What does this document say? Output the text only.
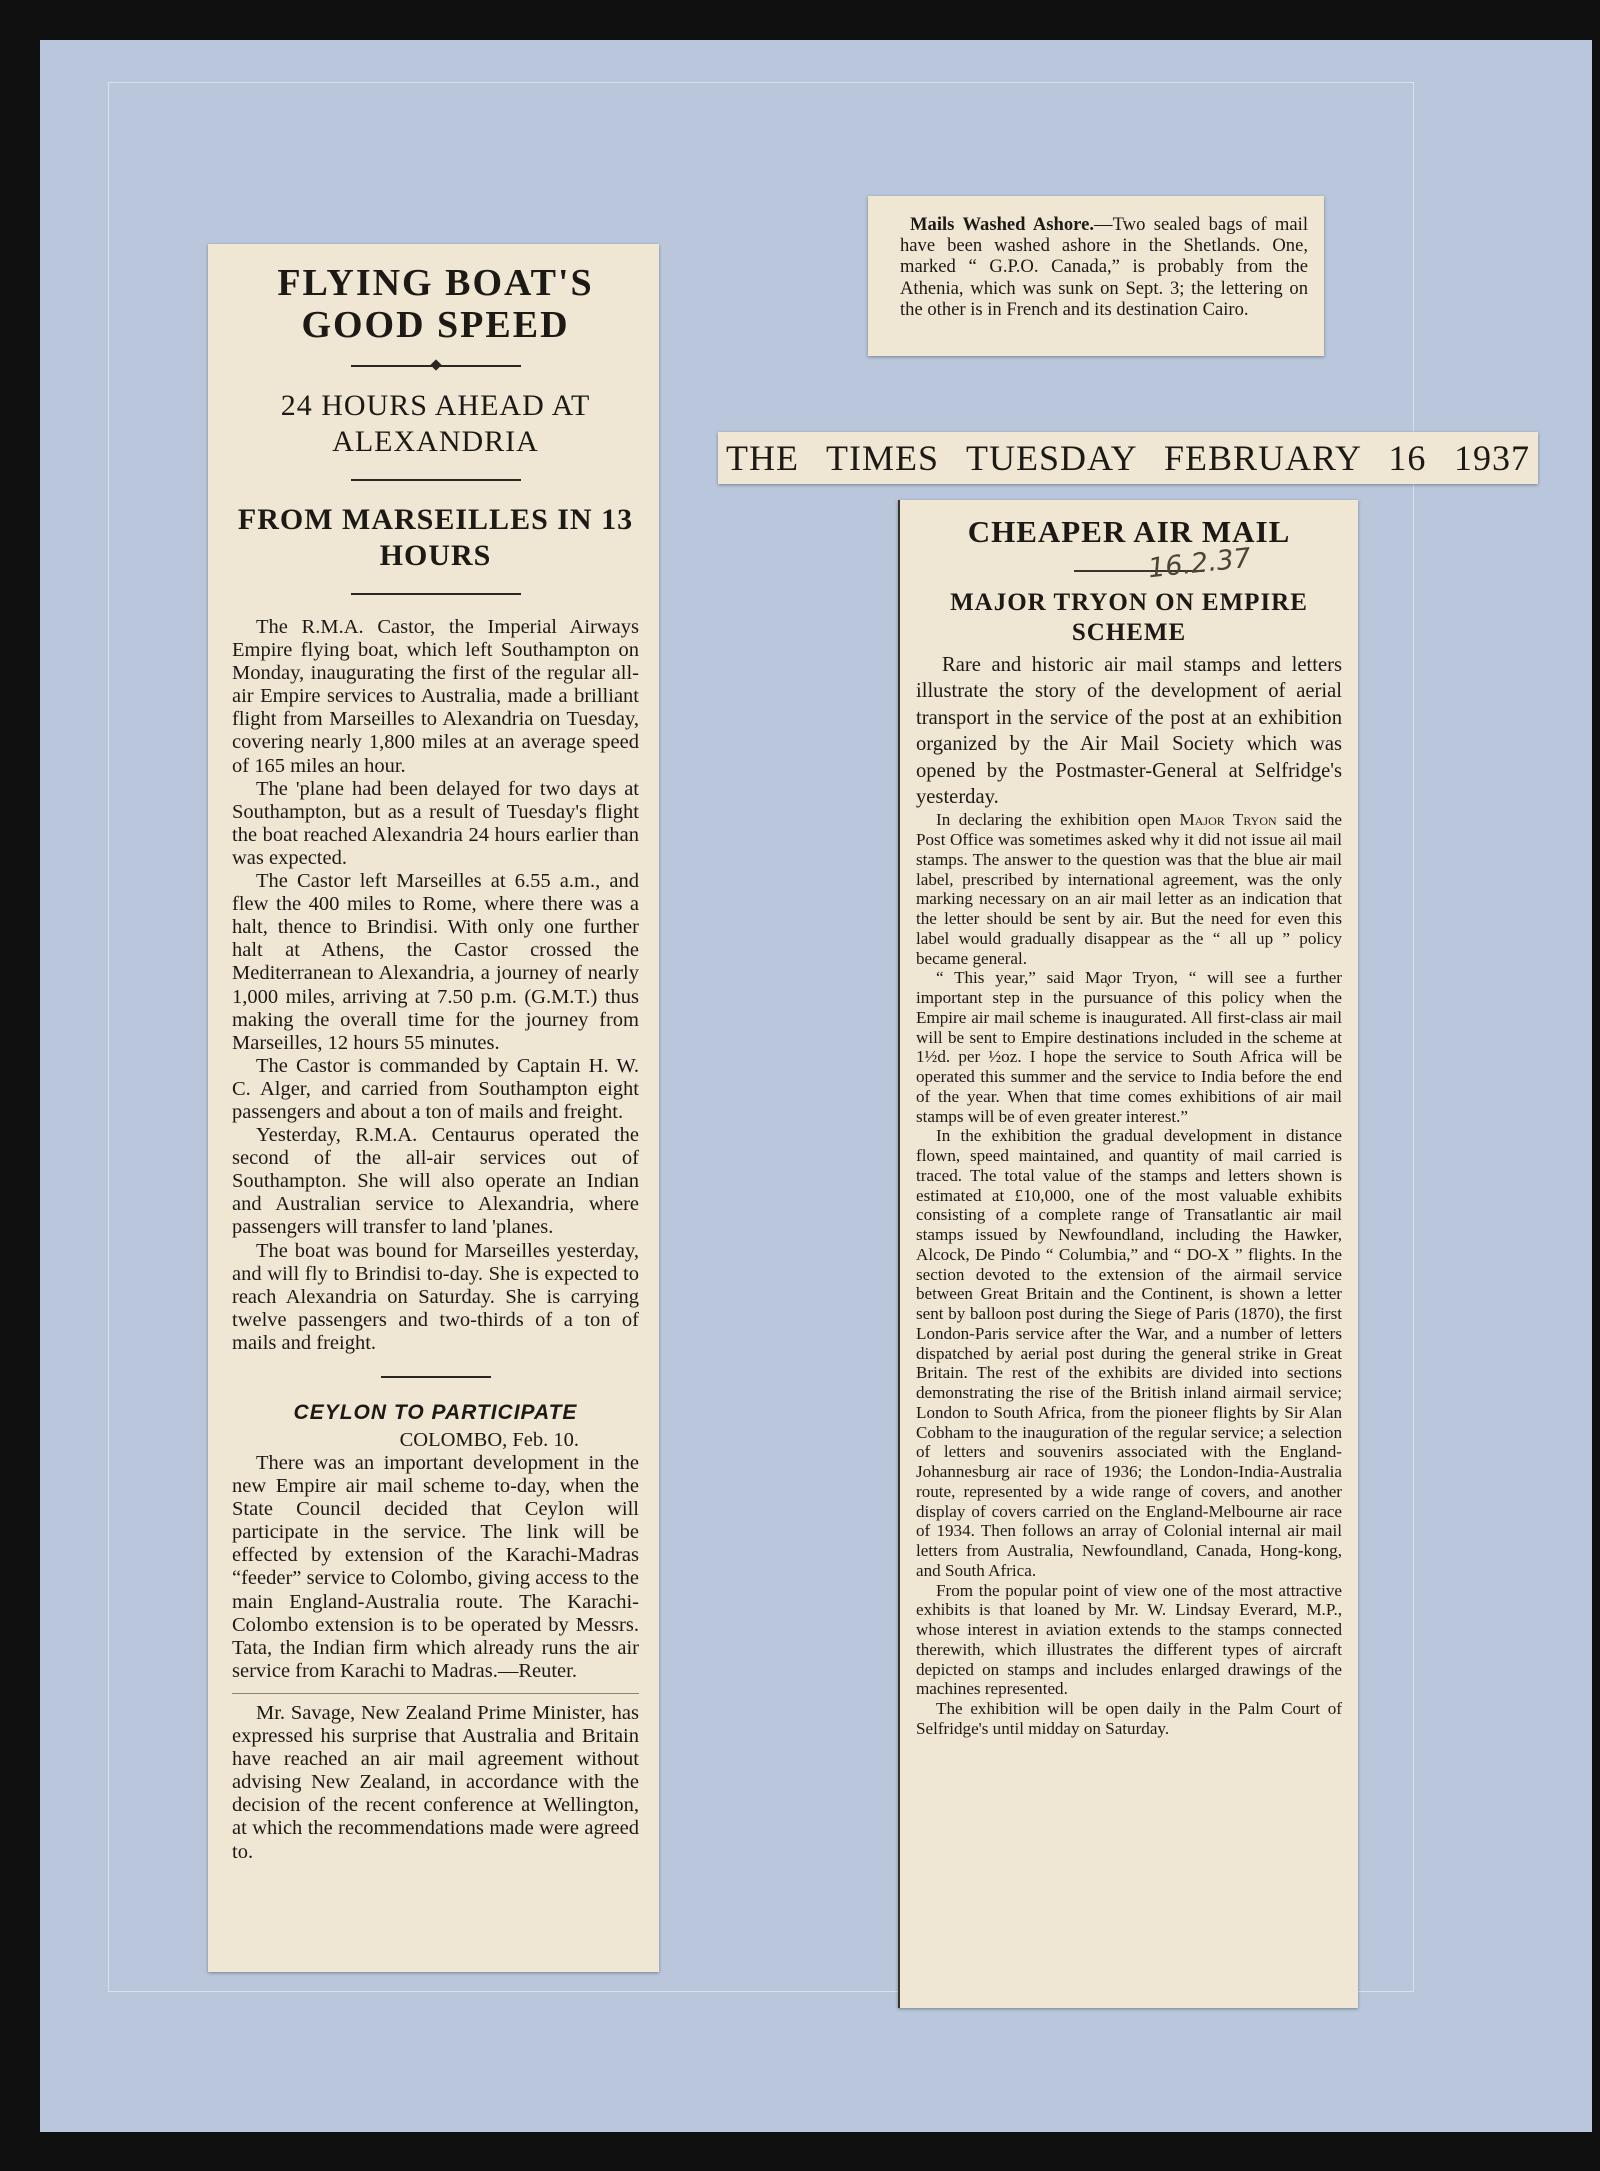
FLYING BOAT'S GOOD SPEED
24 HOURS AHEAD AT ALEXANDRIA
FROM MARSEILLES IN 13 HOURS

The R.M.A. Castor, the Imperial Airways Empire flying boat, which left Southampton on Monday, inaugurating the first of the regular all-air Empire services to Australia, made a brilliant flight from Marseilles to Alexandria on Tuesday, covering nearly 1,800 miles at an average speed of 165 miles an hour.

The 'plane had been delayed for two days at Southampton, but as a result of Tuesday's flight the boat reached Alexandria 24 hours earlier than was expected.

The Castor left Marseilles at 6.55 a.m., and flew the 400 miles to Rome, where there was a halt, thence to Brindisi. With only one further halt at Athens, the Castor crossed the Mediterranean to Alexandria, a journey of nearly 1,000 miles, arriving at 7.50 p.m. (G.M.T.) thus making the overall time for the journey from Marseilles, 12 hours 55 minutes.

The Castor is commanded by Captain H. W. C. Alger, and carried from Southampton eight passengers and about a ton of mails and freight.

Yesterday, R.M.A. Centaurus operated the second of the all-air services out of Southampton. She will also operate an Indian and Australian service to Alexandria, where passengers will transfer to land 'planes.

The boat was bound for Marseilles yesterday, and will fly to Brindisi to-day. She is expected to reach Alexandria on Saturday. She is carrying twelve passengers and two-thirds of a ton of mails and freight.

CEYLON TO PARTICIPATE
COLOMBO, Feb. 10.

There was an important development in the new Empire air mail scheme to-day, when the State Council decided that Ceylon will participate in the service. The link will be effected by extension of the Karachi-Madras “feeder” service to Colombo, giving access to the main England-Australia route. The Karachi-Colombo extension is to be operated by Messrs. Tata, the Indian firm which already runs the air service from Karachi to Madras.—Reuter.

Mr. Savage, New Zealand Prime Minister, has expressed his surprise that Australia and Britain have reached an air mail agreement without advising New Zealand, in accordance with the decision of the recent conference at Wellington, at which the recommendations made were agreed to.

Mails Washed Ashore.—Two sealed bags of mail have been washed ashore in the Shetlands. One, marked “ G.P.O. Canada,” is probably from the Athenia, which was sunk on Sept. 3; the lettering on the other is in French and its destination Cairo.

THE TIMES TUESDAY FEBRUARY 16 1937
CHEAPER AIR MAIL
16.2.37
MAJOR TRYON ON EMPIRE SCHEME

Rare and historic air mail stamps and letters illustrate the story of the development of aerial transport in the service of the post at an exhibition organized by the Air Mail Society which was opened by the Postmaster-General at Selfridge's yesterday.

In declaring the exhibition open Major Tryon said the Post Office was sometimes asked why it did not issue ail mail stamps. The answer to the question was that the blue air mail label, prescribed by international agreement, was the only marking necessary on an air mail letter as an indication that the letter should be sent by air. But the need for even this label would gradually disappear as the “ all up ” policy became general.

“ This year,” said Ma̧or Tryon, “ will see a further important step in the pursuance of this policy when the Empire air mail scheme is inaugurated. All first-class air mail will be sent to Empire destinations included in the scheme at 1½d. per ½oz. I hope the service to South Africa will be operated this summer and the service to India before the end of the year. When that time comes exhibitions of air mail stamps will be of even greater interest.”

In the exhibition the gradual development in distance flown, speed maintained, and quantity of mail carried is traced. The total value of the stamps and letters shown is estimated at £10,000, one of the most valuable exhibits consisting of a complete range of Transatlantic air mail stamps issued by Newfoundland, including the Hawker, Alcock, De Pindo “ Columbia,” and “ DO-X ” flights. In the section devoted to the extension of the airmail service between Great Britain and the Continent, is shown a letter sent by balloon post during the Siege of Paris (1870), the first London-Paris service after the War, and a number of letters dispatched by aerial post during the general strike in Great Britain. The rest of the exhibits are divided into sections demonstrating the rise of the British inland airmail service; London to South Africa, from the pioneer flights by Sir Alan Cobham to the inauguration of the regular service; a selection of letters and souvenirs associated with the England-Johannesburg air race of 1936; the London-India-Australia route, represented by a wide range of covers, and another display of covers carried on the England-Melbourne air race of 1934. Then follows an array of Colonial internal air mail letters from Australia, Newfoundland, Canada, Hong-kong, and South Africa.

From the popular point of view one of the most attractive exhibits is that loaned by Mr. W. Lindsay Everard, M.P., whose interest in aviation extends to the stamps connected therewith, which illustrates the different types of aircraft depicted on stamps and includes enlarged drawings of the machines represented.

The exhibition will be open daily in the Palm Court of Selfridge's until midday on Saturday.
